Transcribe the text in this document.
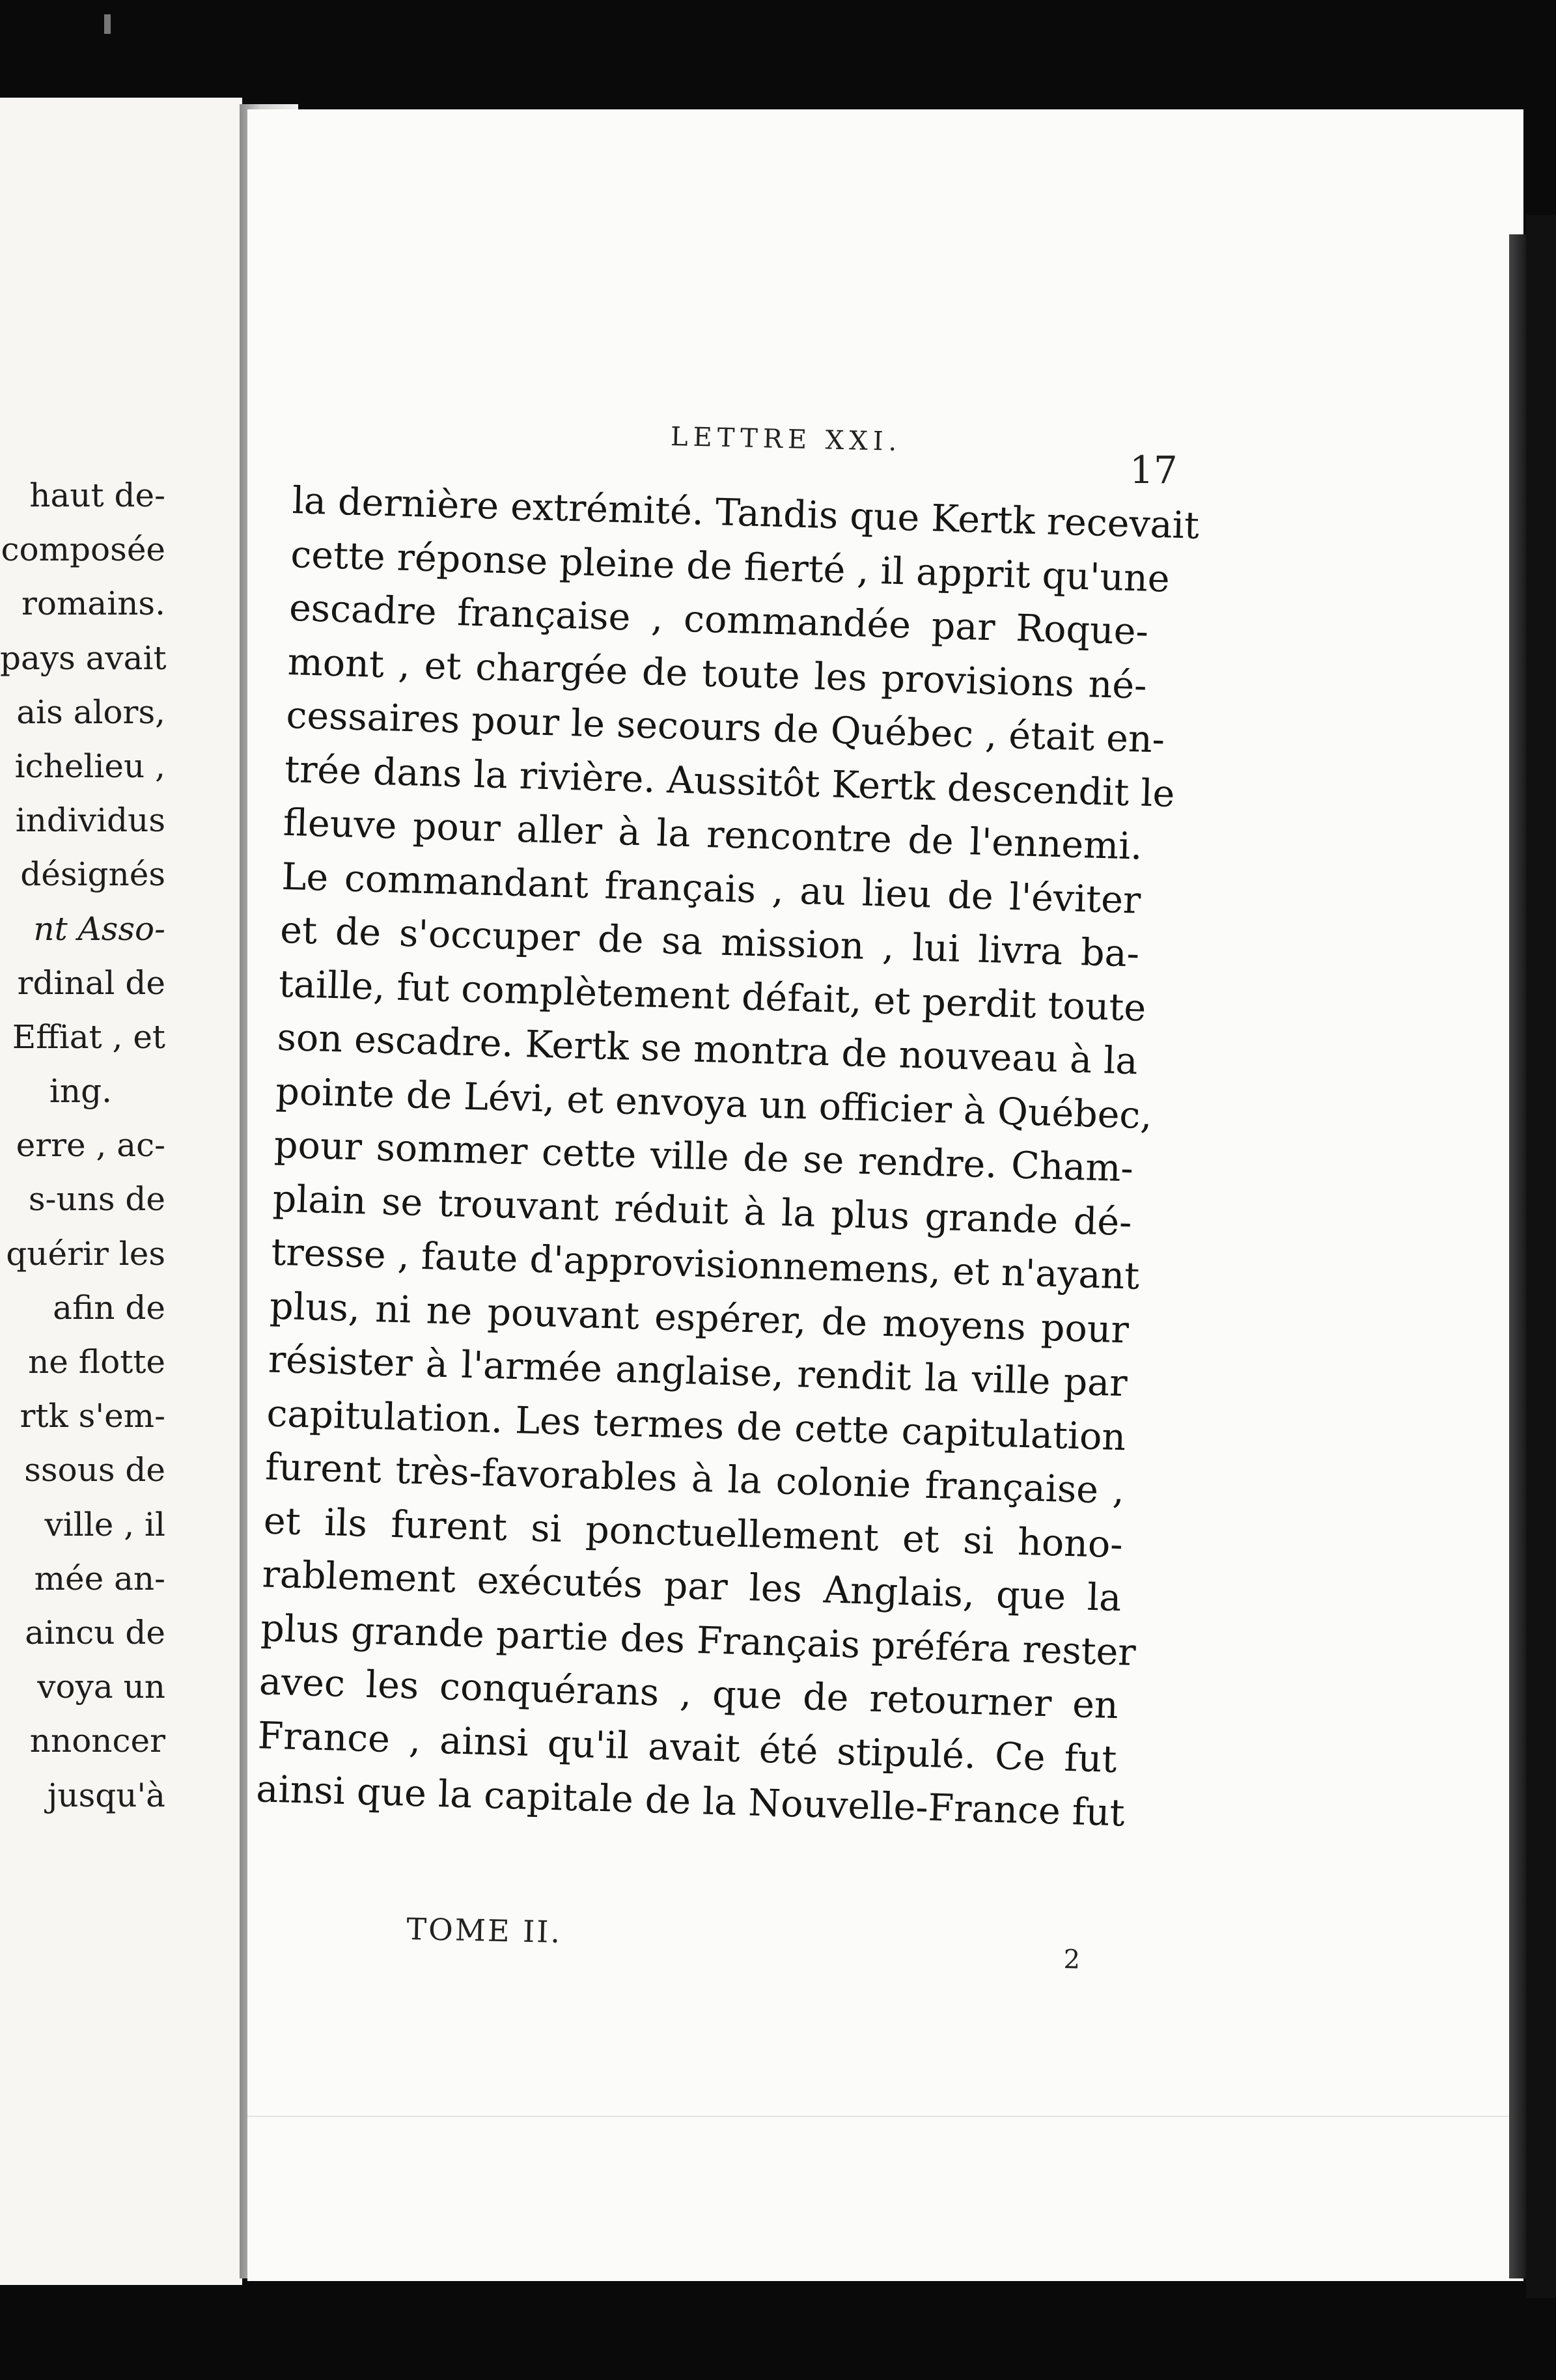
haut de-
composée
romains.
pays avait
ais alors,
ichelieu ,
individus
désignés
nt Asso-
rdinal de
Effiat , et
ing.
erre , ac-
s-uns de
quérir les
afin de
ne flotte
rtk s'em-
ssous de
ville , il
mée an-
aincu de
voya un
nnoncer
jusqu'à
LETTRE XXI.
17
la dernière extrémité. Tandis que Kertk recevait
cette réponse pleine de fierté , il apprit qu'une
escadre française , commandée par Roque-
mont , et chargée de toute les provisions né-
cessaires pour le secours de Québec , était en-
trée dans la rivière. Aussitôt Kertk descendit le
fleuve pour aller à la rencontre de l'ennemi.
Le commandant français , au lieu de l'éviter
et de s'occuper de sa mission , lui livra ba-
taille, fut complètement défait, et perdit toute
son escadre. Kertk se montra de nouveau à la
pointe de Lévi, et envoya un officier à Québec,
pour sommer cette ville de se rendre. Cham-
plain se trouvant réduit à la plus grande dé-
tresse , faute d'approvisionnemens, et n'ayant
plus, ni ne pouvant espérer, de moyens pour
résister à l'armée anglaise, rendit la ville par
capitulation. Les termes de cette capitulation
furent très-favorables à la colonie française ,
et ils furent si ponctuellement et si hono-
rablement exécutés par les Anglais, que la
plus grande partie des Français préféra rester
avec les conquérans , que de retourner en
France , ainsi qu'il avait été stipulé. Ce fut
ainsi que la capitale de la Nouvelle-France fut
TOME II.
2
